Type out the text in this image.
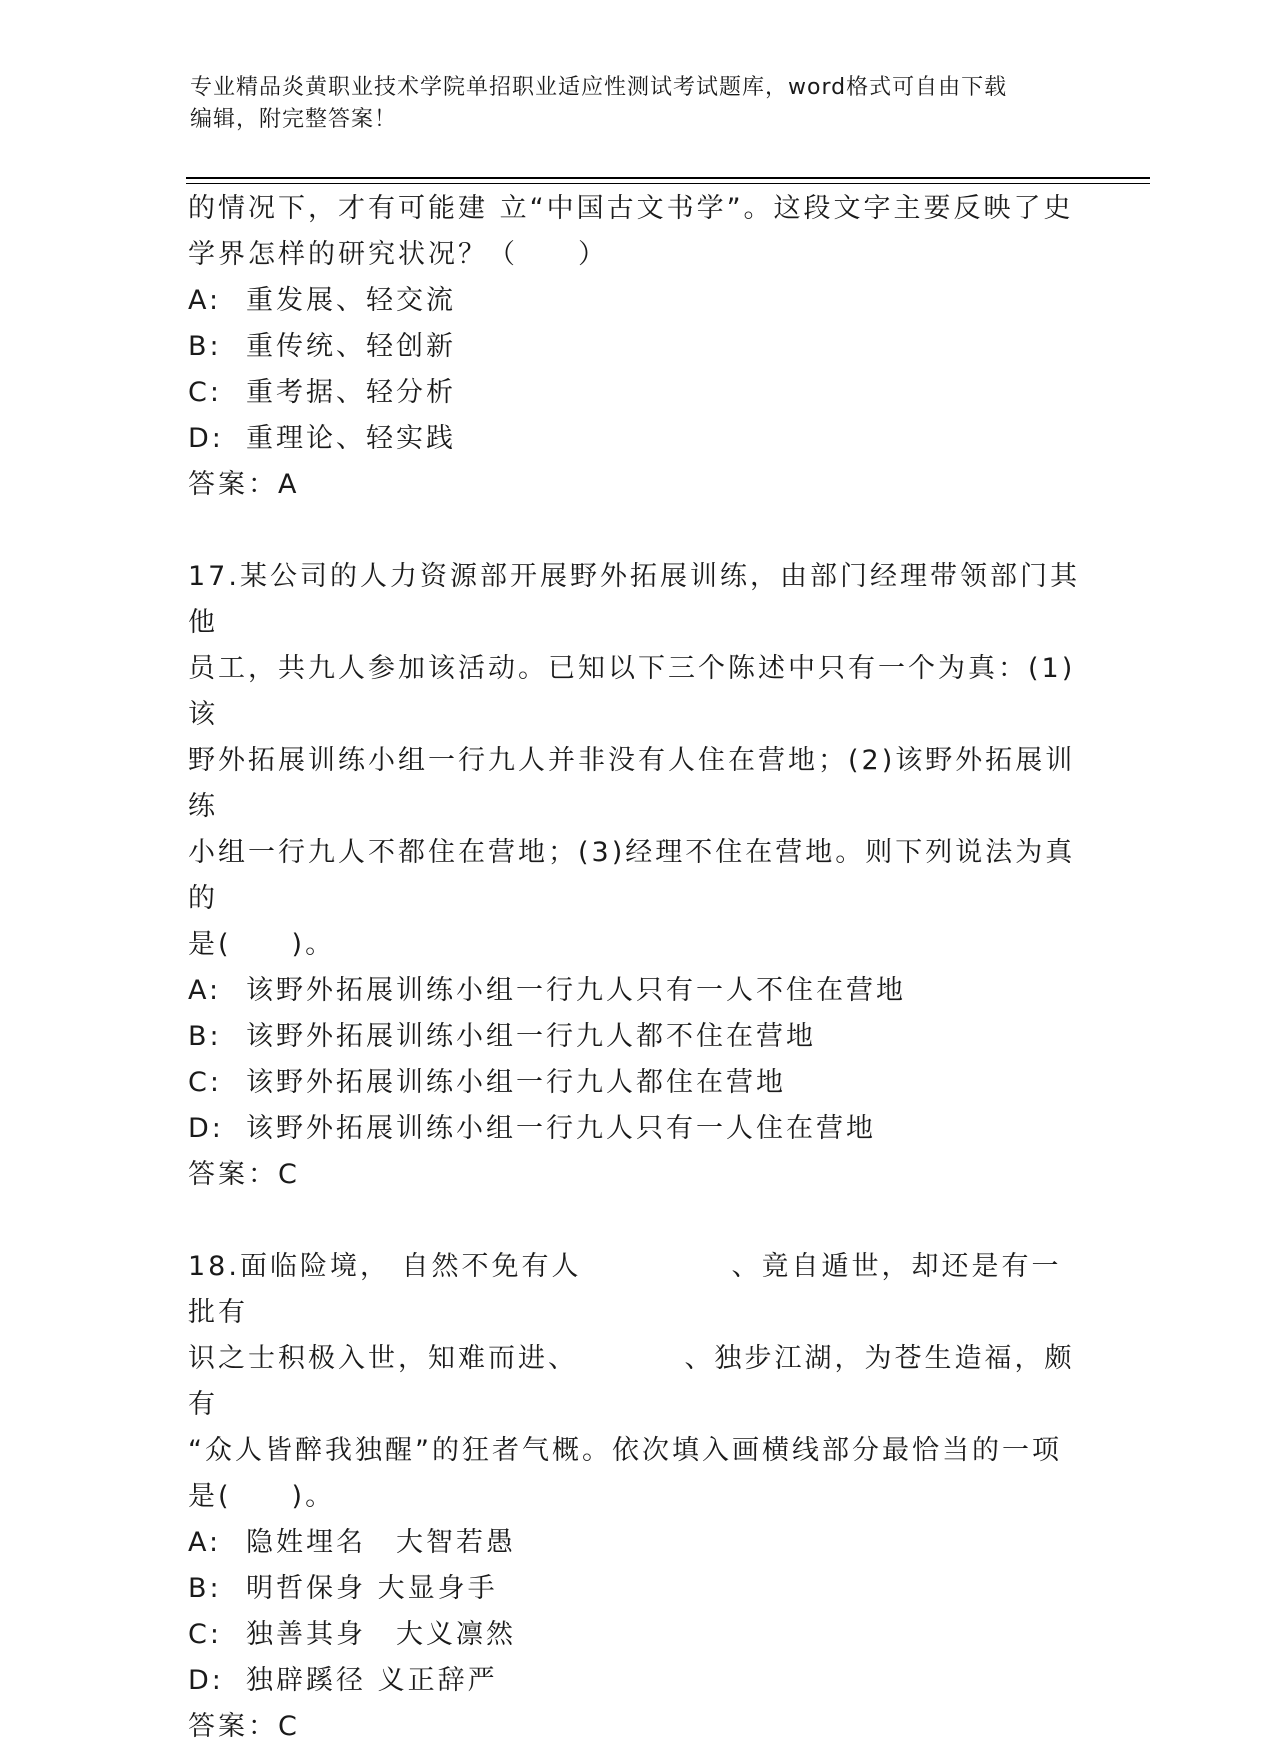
专业精品炎黄职业技术学院单招职业适应性测试考试题库，word格式可自由下载
编辑，附完整答案！

的情况下，才有可能建 立“中国古文书学”。这段文字主要反映了史

学界怎样的研究状况？（　　）

A: 重发展、轻交流
B: 重传统、轻创新
C: 重考据、轻分析
D: 重理论、轻实践

答案：A

17.某公司的人力资源部开展野外拓展训练，由部门经理带领部门其他

员工，共九人参加该活动。已知以下三个陈述中只有一个为真：(1)该

野外拓展训练小组一行九人并非没有人住在营地；(2)该野外拓展训练

小组一行九人不都住在营地；(3)经理不住在营地。则下列说法为真的

是(　　)。

A: 该野外拓展训练小组一行九人只有一人不住在营地
B: 该野外拓展训练小组一行九人都不住在营地
C: 该野外拓展训练小组一行九人都住在营地
D: 该野外拓展训练小组一行九人只有一人住在营地

答案：C

18.面临险境， 自然不免有人　　　　　、竟自遁世，却还是有一批有

识之士积极入世，知难而进、　　　　、独步江湖，为苍生造福，颇有

“众人皆醉我独醒”的狂者气概。依次填入画横线部分最恰当的一项

是(　　)。

A: 隐姓埋名　大智若愚
B: 明哲保身 大显身手
C: 独善其身　大义凛然
D: 独辟蹊径 义正辞严

答案：C
